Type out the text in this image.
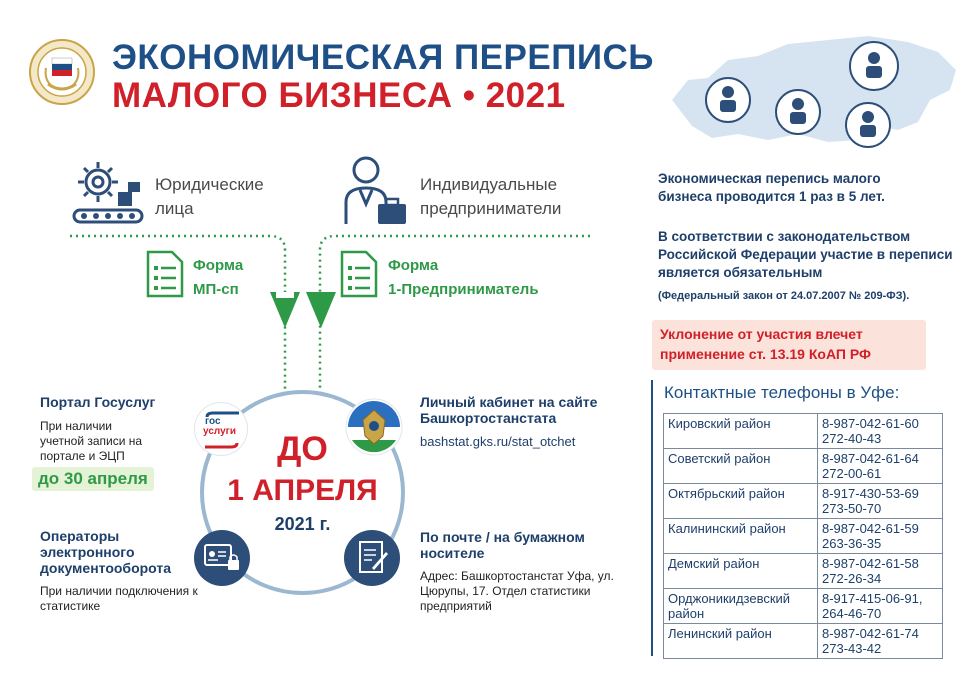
ЭКОНОМИЧЕСКАЯ ПЕРЕПИСЬ
МАЛОГО БИЗНЕСА • 2021
Юридические лица
Индивидуальные предприниматели
Форма
МП-сп
Форма
1-Предприниматель
ДО
1 АПРЕЛЯ
2021 г.
гос
услуги
Портал Госуслуг
При наличии учетной записи на портале и ЭЦП
до 30 апреля
Операторы электронного документооборота
При наличии подключения к статистике
Личный кабинет на сайте Башкортостанстата
bashstat.gks.ru/stat_otchet
По почте / на бумажном носителе
Адрес: Башкортостанстат Уфа, ул. Цюрупы, 17. Отдел статистики предприятий
Экономическая перепись малого бизнеса проводится 1 раз в 5 лет.
В соответствии с законодательством Российской Федерации участие в переписи является обязательным
(Федеральный закон от 24.07.2007 № 209-ФЗ).
Уклонение от участия влечет применение ст. 13.19 КоАП РФ
Контактные телефоны в Уфе:
Кировский район	8-987-042-61-60 272-40-43
Советский район	8-987-042-61-64 272-00-61
Октябрьский район	8-917-430-53-69 273-50-70
Калининский район	8-987-042-61-59 263-36-35
Демский район	8-987-042-61-58 272-26-34
Орджоникидзевский район	8-917-415-06-91, 264-46-70
Ленинский район	8-987-042-61-74 273-43-42
